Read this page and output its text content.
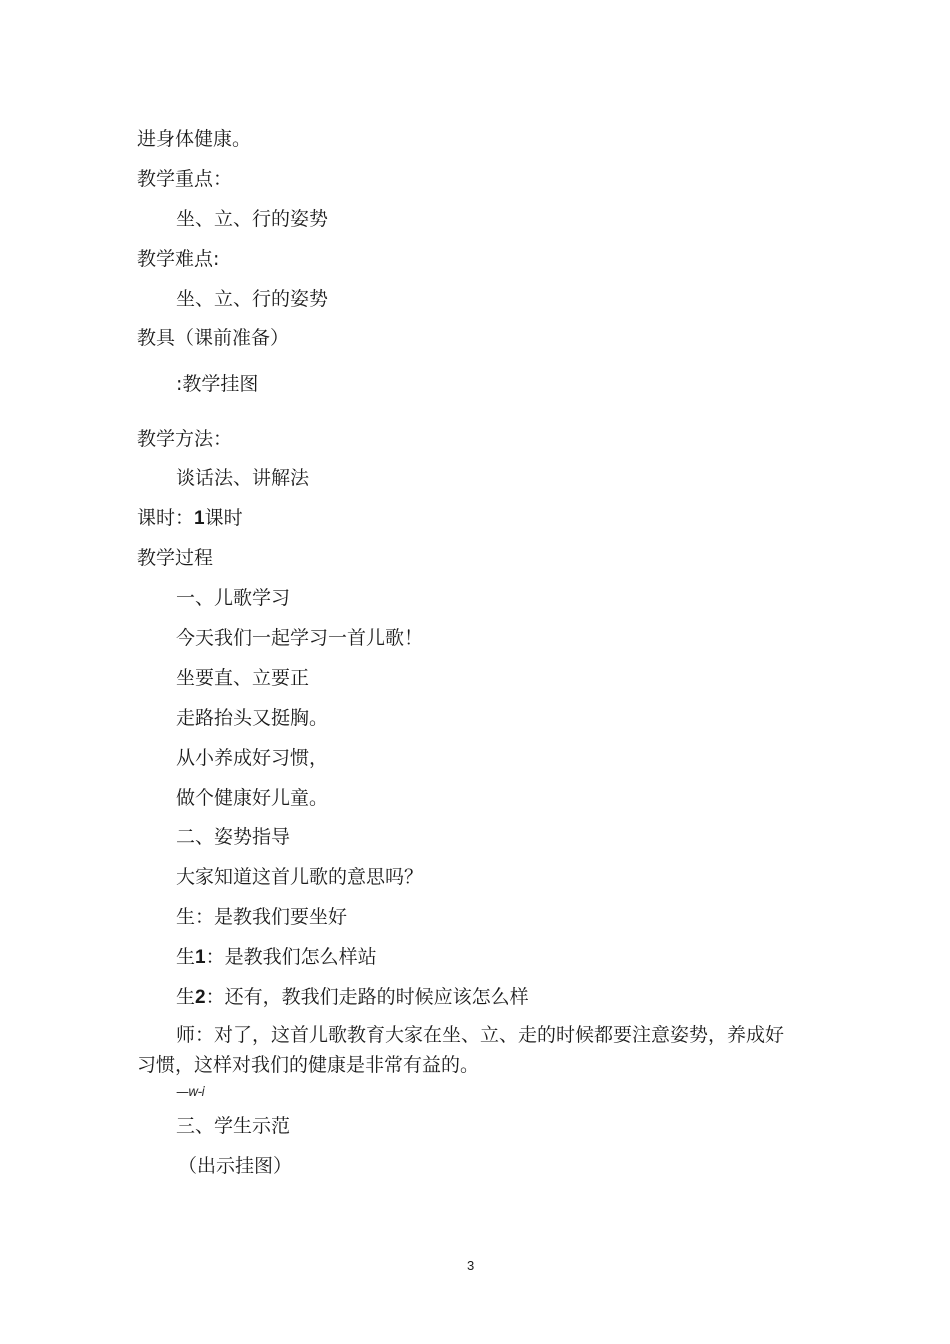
进身体健康。
教学重点：
坐、立、行的姿势
教学难点:
坐、立、行的姿势
教具（课前准备）
:教学挂图
教学方法：
谈话法、讲解法
课时：1课时
教学过程
一、儿歌学习
今天我们一起学习一首儿歌！
坐要直、立要正
走路抬头又挺胸。
从小养成好习惯，
做个健康好儿童。
二、姿势指导
大家知道这首儿歌的意思吗？
生：是教我们要坐好
生1：是教我们怎么样站
生2：还有，教我们走路的时候应该怎么样
师：对了，这首儿歌教育大家在坐、立、走的时候都要注意姿势，养成好习惯，这样对我们的健康是非常有益的。
—w-i
三、学生示范
（出示挂图）
3
